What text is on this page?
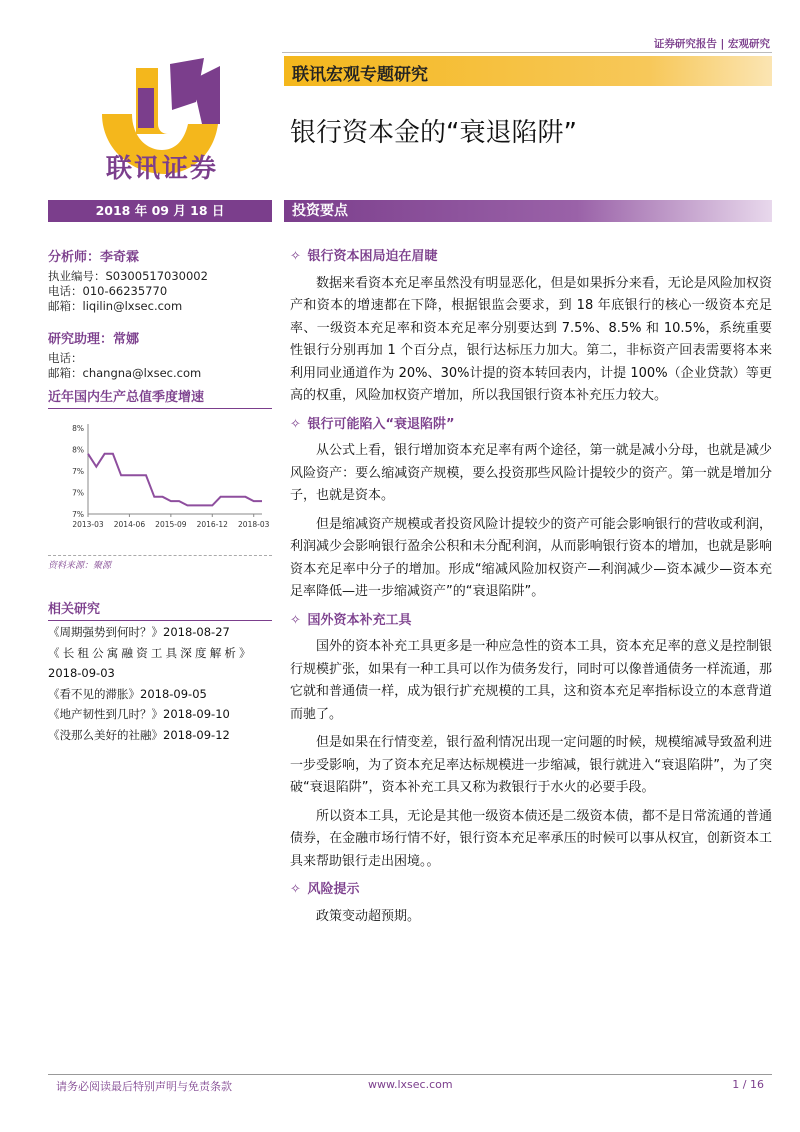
证券研究报告 | 宏观研究
联讯证券
联讯宏观专题研究
银行资本金的“衰退陷阱”
2018 年 09 月 18 日	投资要点
分析师：李奇霖
执业编号：S0300517030002
电话：010-66235770
邮箱：liqilin@lxsec.com
研究助理：常娜
电话：
邮箱：changna@lxsec.com
近年国内生产总值季度增速
8%
8%
7%
7%
7%
2013-03 2014-06 2015-09 2016-12 2018-03
资料来源：聚源
相关研究
《周期强势到何时？》2018-08-27
《长租公寓融资工具深度解析》
2018-09-03
《看不见的滞胀》2018-09-05
《地产韧性到几时？》2018-09-10
《没那么美好的社融》2018-09-12
✧ 银行资本困局迫在眉睫

数据来看资本充足率虽然没有明显恶化，但是如果拆分来看，无论是风险加权资产和资本的增速都在下降，根据银监会要求，到 18 年底银行的核心一级资本充足率、一级资本充足率和资本充足率分别要达到 7.5%、8.5% 和 10.5%，系统重要性银行分别再加 1 个百分点，银行达标压力加大。第二，非标资产回表需要将本来利用同业通道作为 20%、30%计提的资本转回表内，计提 100%（企业贷款）等更高的权重，风险加权资产增加，所以我国银行资本补充压力较大。

✧ 银行可能陷入“衰退陷阱”

从公式上看，银行增加资本充足率有两个途径，第一就是减小分母，也就是减少风险资产：要么缩减资产规模，要么投资那些风险计提较少的资产。第一就是增加分子，也就是资本。

但是缩减资产规模或者投资风险计提较少的资产可能会影响银行的营收或利润，利润减少会影响银行盈余公积和未分配利润，从而影响银行资本的增加，也就是影响资本充足率中分子的增加。形成“缩减风险加权资产—利润减少—资本减少—资本充足率降低—进一步缩减资产”的“衰退陷阱”。

✧ 国外资本补充工具

国外的资本补充工具更多是一种应急性的资本工具，资本充足率的意义是控制银行规模扩张，如果有一种工具可以作为债务发行，同时可以像普通债务一样流通，那它就和普通债一样，成为银行扩充规模的工具，这和资本充足率指标设立的本意背道而驰了。

但是如果在行情变差，银行盈利情况出现一定问题的时候，规模缩减导致盈利进一步受影响，为了资本充足率达标规模进一步缩减，银行就进入“衰退陷阱”，为了突破“衰退陷阱”，资本补充工具又称为救银行于水火的必要手段。

所以资本工具，无论是其他一级资本债还是二级资本债，都不是日常流通的普通债券，在金融市场行情不好，银行资本充足率承压的时候可以事从权宜，创新资本工具来帮助银行走出困境。。

✧ 风险提示

政策变动超预期。

请务必阅读最后特别声明与免责条款	www.lxsec.com	1 / 16
